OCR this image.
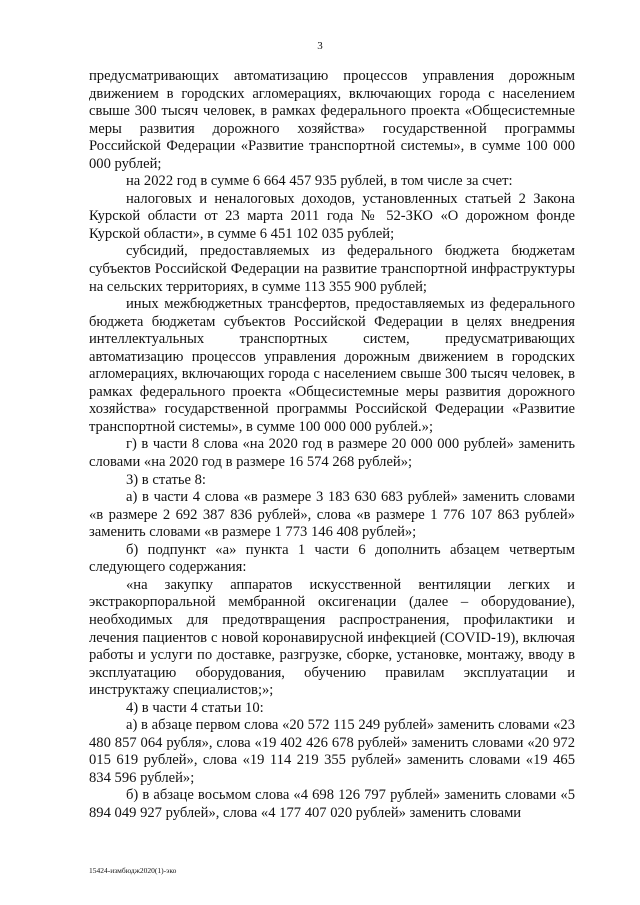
3

предусматривающих автоматизацию процессов управления дорожным движением в городских агломерациях, включающих города с населением свыше 300 тысяч человек, в рамках федерального проекта «Общесистемные меры развития дорожного хозяйства» государственной программы Российской Федерации «Развитие транспортной системы», в сумме 100 000 000 рублей;

на 2022 год в сумме 6 664 457 935 рублей, в том числе за счет:

налоговых и неналоговых доходов, установленных статьей 2 Закона Курской области от 23 марта 2011 года № 52-ЗКО «О дорожном фонде Курской области», в сумме 6 451 102 035 рублей;

субсидий, предоставляемых из федерального бюджета бюджетам субъектов Российской Федерации на развитие транспортной инфраструктуры на сельских территориях, в сумме 113 355 900 рублей;

иных межбюджетных трансфертов, предоставляемых из федерального бюджета бюджетам субъектов Российской Федерации в целях внедрения интеллектуальных транспортных систем, предусматривающих автоматизацию процессов управления дорожным движением в городских агломерациях, включающих города с населением свыше 300 тысяч человек, в рамках федерального проекта «Общесистемные меры развития дорожного хозяйства» государственной программы Российской Федерации «Развитие транспортной системы», в сумме 100 000 000 рублей.»;

г) в части 8 слова «на 2020 год в размере 20 000 000 рублей» заменить словами «на 2020 год в размере 16 574 268 рублей»;

3) в статье 8:

а) в части 4 слова «в размере 3 183 630 683 рублей» заменить словами «в размере 2 692 387 836 рублей», слова «в размере 1 776 107 863 рублей» заменить словами «в размере 1 773 146 408 рублей»;

б) подпункт «а» пункта 1 части 6 дополнить абзацем четвертым следующего содержания:

«на закупку аппаратов искусственной вентиляции легких и экстракорпоральной мембранной оксигенации (далее – оборудование), необходимых для предотвращения распространения, профилактики и лечения пациентов с новой коронавирусной инфекцией (COVID-19), включая работы и услуги по доставке, разгрузке, сборке, установке, монтажу, вводу в эксплуатацию оборудования, обучению правилам эксплуатации и инструктажу специалистов;»;

4) в части 4 статьи 10:

а) в абзаце первом слова «20 572 115 249 рублей» заменить словами «23 480 857 064 рубля», слова «19 402 426 678 рублей» заменить словами «20 972 015 619 рублей», слова «19 114 219 355 рублей» заменить словами «19 465 834 596 рублей»;

б) в абзаце восьмом слова «4 698 126 797 рублей» заменить словами «5 894 049 927 рублей», слова «4 177 407 020 рублей» заменить словами

15424-измбюдж2020(1)-эко
